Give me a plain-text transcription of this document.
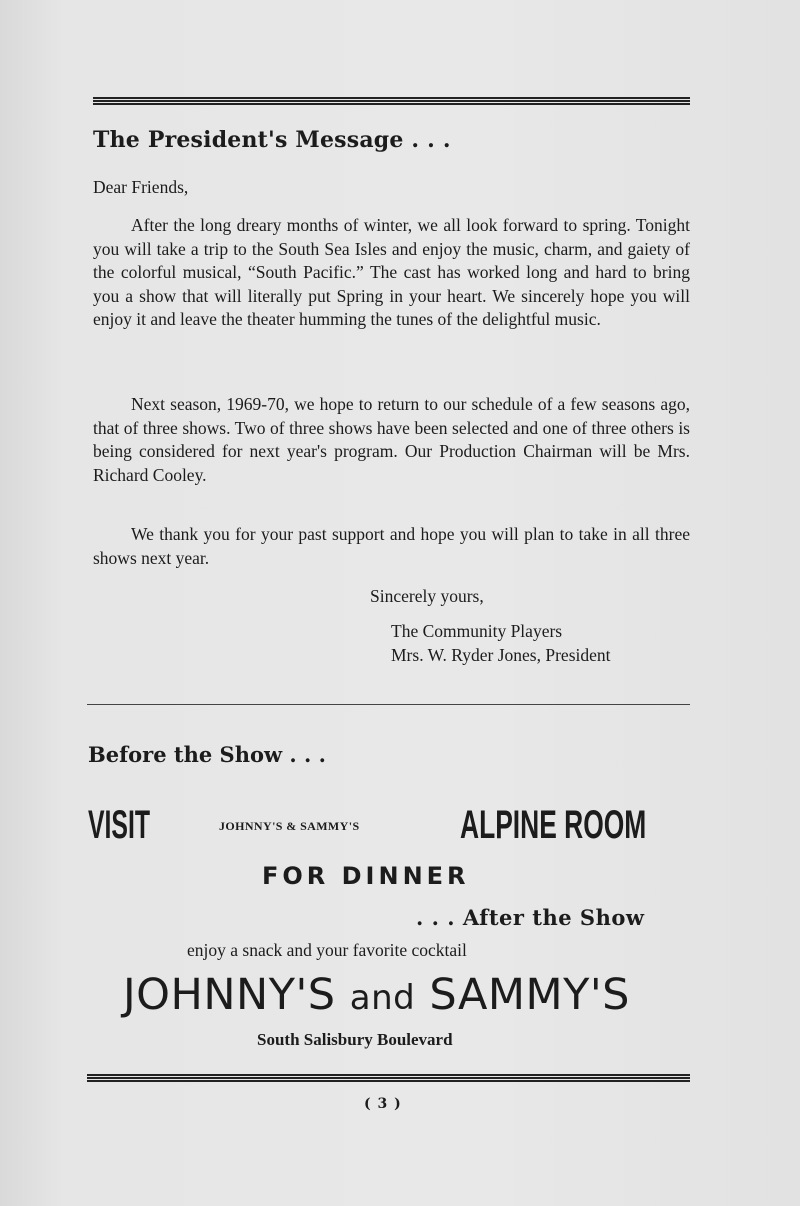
The President's Message . . .

Dear Friends,

After the long dreary months of winter, we all look forward to spring. Tonight you will take a trip to the South Sea Isles and enjoy the music, charm, and gaiety of the colorful musical, “South Pacific.” The cast has worked long and hard to bring you a show that will literally put Spring in your heart. We sincerely hope you will enjoy it and leave the theater humming the tunes of the delightful music.

Next season, 1969-70, we hope to return to our schedule of a few seasons ago, that of three shows. Two of three shows have been selected and one of three others is being considered for next year's program. Our Production Chairman will be Mrs. Richard Cooley.

We thank you for your past support and hope you will plan to take in all three shows next year.

Sincerely yours,

The Community Players

Mrs. W. Ryder Jones, President

Before the Show . . .
VISIT	JOHNNY'S & SAMMY'S	ALPINE ROOM
FOR DINNER
. . . After the Show
enjoy a snack and your favorite cocktail
JOHNNY'S and SAMMY'S
South Salisbury Boulevard
( 3 )
